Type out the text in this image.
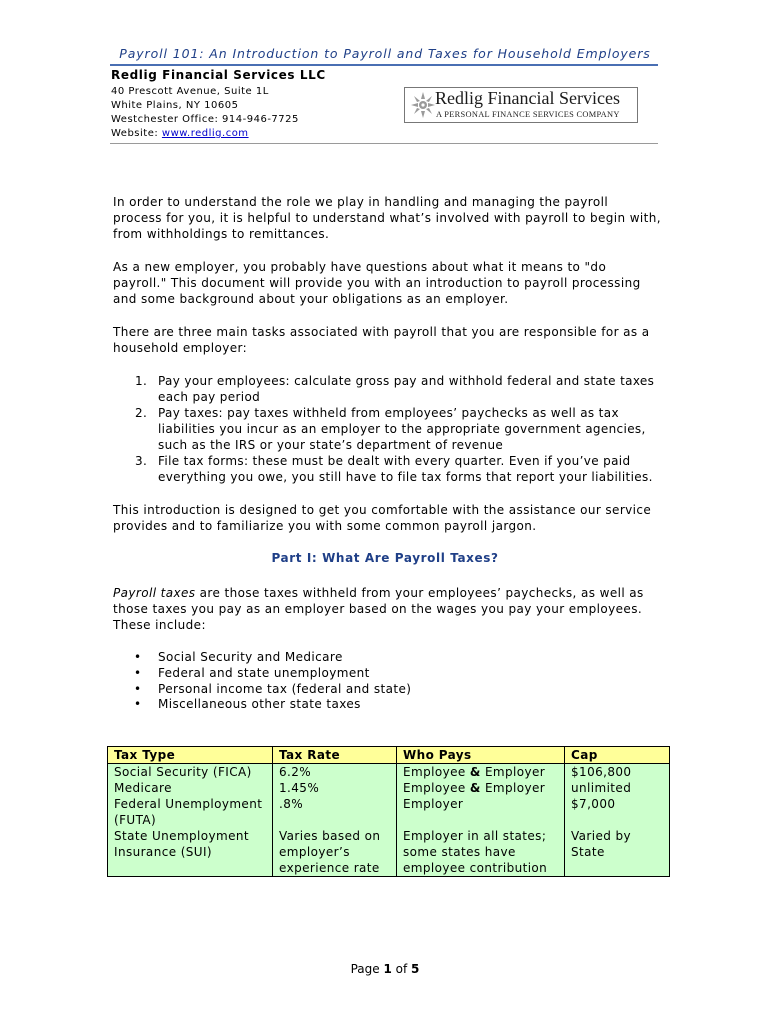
Payroll 101: An Introduction to Payroll and Taxes for Household Employers
Redlig Financial Services LLC
40 Prescott Avenue, Suite 1L
White Plains, NY 10605
Westchester Office: 914-946-7725
Website: www.redlig.com
Redlig Financial Services
A PERSONAL FINANCE SERVICES COMPANY

In order to understand the role we play in handling and managing the payroll process for you, it is helpful to understand what’s involved with payroll to begin with, from withholdings to remittances.

As a new employer, you probably have questions about what it means to "do payroll." This document will provide you with an introduction to payroll processing and some background about your obligations as an employer.

There are three main tasks associated with payroll that you are responsible for as a household employer:

1. Pay your employees: calculate gross pay and withhold federal and state taxes each pay period
2. Pay taxes: pay taxes withheld from employees’ paychecks as well as tax liabilities you incur as an employer to the appropriate government agencies, such as the IRS or your state’s department of revenue
3. File tax forms: these must be dealt with every quarter. Even if you’ve paid everything you owe, you still have to file tax forms that report your liabilities.

This introduction is designed to get you comfortable with the assistance our service provides and to familiarize you with some common payroll jargon.

Part I: What Are Payroll Taxes?

Payroll taxes are those taxes withheld from your employees’ paychecks, as well as those taxes you pay as an employer based on the wages you pay your employees. These include:

• Social Security and Medicare
• Federal and state unemployment
• Personal income tax (federal and state)
• Miscellaneous other state taxes
Tax Type	Tax Rate	Who Pays	Cap
Social Security (FICA)	6.2%	Employee & Employer	$106,800
Medicare	1.45%	Employee & Employer	unlimited
Federal Unemployment (FUTA)	.8%	Employer	$7,000
State Unemployment Insurance (SUI)	Varies based on employer’s experience rate	Employer in all states; some states have employee contribution	Varied by State
Page 1 of 5
